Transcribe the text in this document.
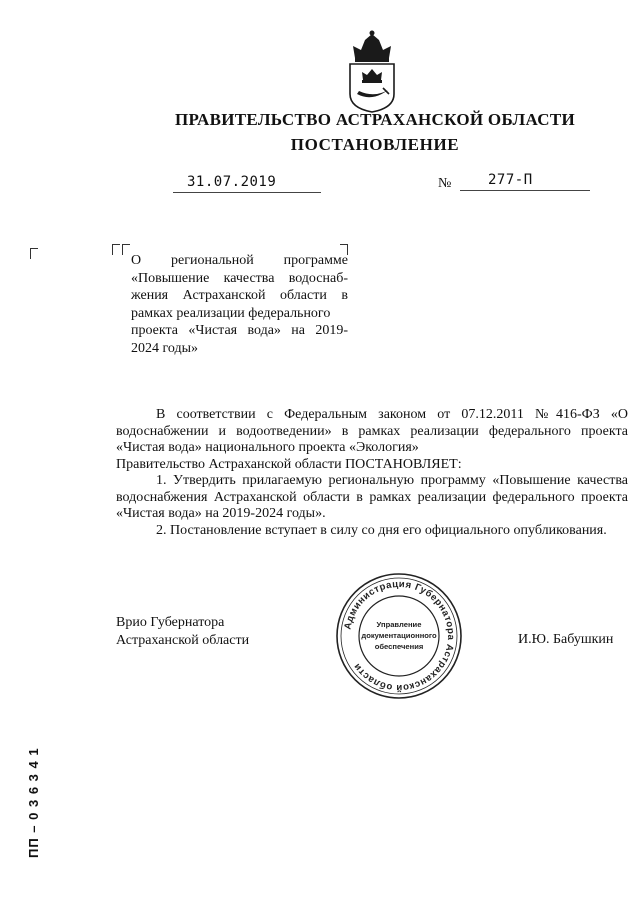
ПРАВИТЕЛЬСТВО АСТРАХАНСКОЙ ОБЛАСТИ
ПОСТАНОВЛЕНИЕ
31.07.2019	№	277-П

О региональной программе

«Повышение качества водоснаб-

жения Астраханской области в

рамках реализации федерального

проекта «Чистая вода» на 2019-

2024 годы»

В соответствии с Федеральным законом от 07.12.2011 №416-ФЗ «О водоснабжении и водоотведении» в рамках реализации федерального проекта «Чистая вода» национального проекта «Экология»

Правительство Астраханской области ПОСТАНОВЛЯЕТ:

1. Утвердить прилагаемую региональную программу «Повышение качества водоснабжения Астраханской области в рамках реализации федерального проекта «Чистая вода» на 2019-2024 годы».

2. Постановление вступает в силу со дня его официального опубликования.

Врио Губернатора
Астраханской области	И.Ю. Бабушкин
Администрация Губернатора Астраханской области
Управление
документационного
обеспечения
ПП – 0 3 6 3 4 1
